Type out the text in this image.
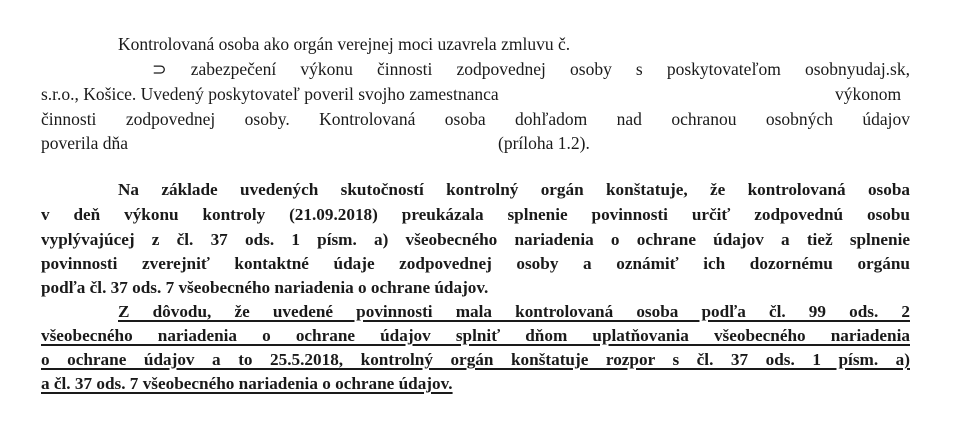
Kontrolovaná osoba ako orgán verejnej moci uzavrela zmluvu č.
⊃ zabezpečení výkonu činnosti zodpovednej osoby s poskytovateľom osobnyudaj.sk,
s.r.o., Košice. Uvedený poskytovateľ poveril svojho zamestnanca	výkonom
činnosti zodpovednej osoby. Kontrolovaná osoba dohľadom nad ochranou osobných údajov
poverila dňa	(príloha 1.2).
Na základe uvedených skutočností kontrolný orgán konštatuje, že kontrolovaná osoba
v deň výkonu kontroly (21.09.2018) preukázala splnenie povinnosti určiť zodpovednú osobu
vyplývajúcej z čl. 37 ods. 1 písm. a) všeobecného nariadenia o ochrane údajov a tiež splnenie
povinnosti zverejniť kontaktné údaje zodpovednej osoby a oznámiť ich dozornému orgánu
podľa čl. 37 ods. 7 všeobecného nariadenia o ochrane údajov.
Z dôvodu, že uvedené povinnosti mala kontrolovaná osoba podľa čl. 99 ods. 2
všeobecného nariadenia o ochrane údajov splniť dňom uplatňovania všeobecného nariadenia
o ochrane údajov a to 25.5.2018, kontrolný orgán konštatuje rozpor s čl. 37 ods. 1 písm. a)
a čl. 37 ods. 7 všeobecného nariadenia o ochrane údajov.
